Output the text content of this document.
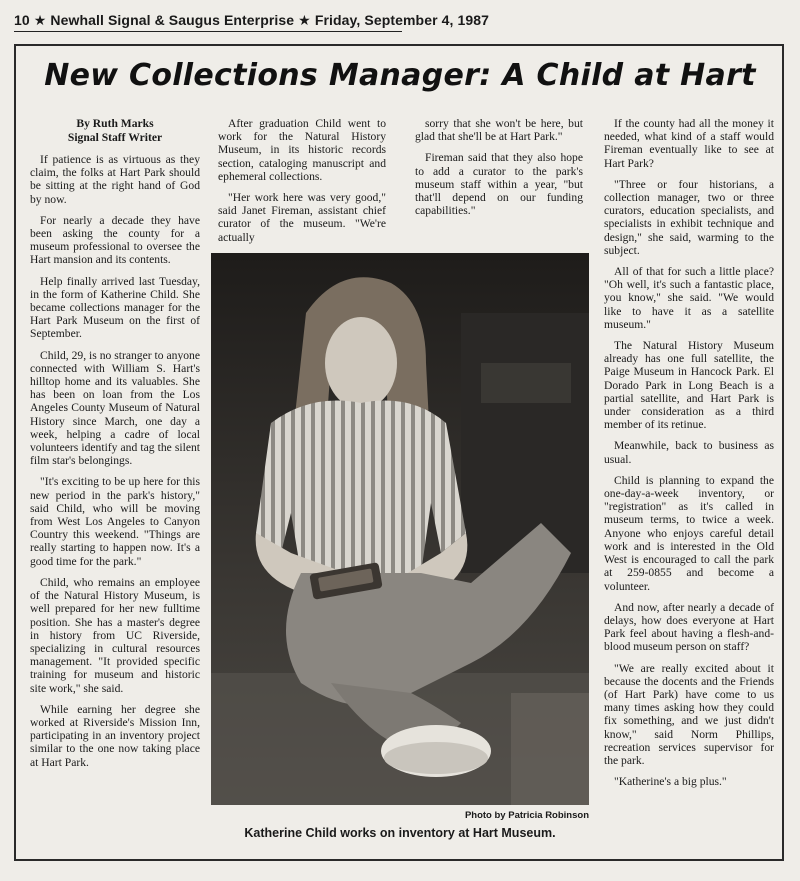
10 ★ Newhall Signal & Saugus Enterprise ★ Friday, September 4, 1987
New Collections Manager: A Child at Hart
By Ruth Marks
Signal Staff Writer

If patience is as virtuous as they claim, the folks at Hart Park should be sitting at the right hand of God by now.

For nearly a decade they have been asking the county for a museum professional to oversee the Hart mansion and its contents.

Help finally arrived last Tuesday, in the form of Katherine Child. She became collections manager for the Hart Park Museum on the first of September.

Child, 29, is no stranger to anyone connected with William S. Hart's hilltop home and its valuables. She has been on loan from the Los Angeles County Museum of Natural History since March, one day a week, helping a cadre of local volunteers identify and tag the silent film star's belongings.

"It's exciting to be up here for this new period in the park's history," said Child, who will be moving from West Los Angeles to Canyon Country this weekend. "Things are really starting to happen now. It's a good time for the park."

Child, who remains an employee of the Natural History Museum, is well prepared for her new fulltime position. She has a master's degree in history from UC Riverside, specializing in cultural resources management. "It provided specific training for museum and historic site work," she said.

While earning her degree she worked at Riverside's Mission Inn, participating in an inventory project similar to the one now taking place at Hart Park.

After graduation Child went to work for the Natural History Museum, in its historic records section, cataloging manuscript and ephemeral collections.

"Her work here was very good," said Janet Fireman, assistant chief curator of the museum. "We're actually

sorry that she won't be here, but glad that she'll be at Hart Park."

Fireman said that they also hope to add a curator to the park's museum staff within a year, "but that'll depend on our funding capabilities."

If the county had all the money it needed, what kind of a staff would Fireman eventually like to see at Hart Park?

"Three or four historians, a collection manager, two or three curators, education specialists, and specialists in exhibit technique and design," she said, warming to the subject.

All of that for such a little place? "Oh well, it's such a fantastic place, you know," she said. "We would like to have it as a satellite museum."

The Natural History Museum already has one full satellite, the Paige Museum in Hancock Park. El Dorado Park in Long Beach is a partial satellite, and Hart Park is under consideration as a third member of its retinue.

Meanwhile, back to business as usual.

Child is planning to expand the one-day-a-week inventory, or "registration" as it's called in museum terms, to twice a week. Anyone who enjoys careful detail work and is interested in the Old West is encouraged to call the park at 259-0855 and become a volunteer.

And now, after nearly a decade of delays, how does everyone at Hart Park feel about having a flesh-and-blood museum person on staff?

"We are really excited about it because the docents and the Friends (of Hart Park) have come to us many times asking how they could fix something, and we just didn't know," said Norm Phillips, recreation services supervisor for the park.

"Katherine's a big plus."

Photo by Patricia Robinson
Katherine Child works on inventory at Hart Museum.
